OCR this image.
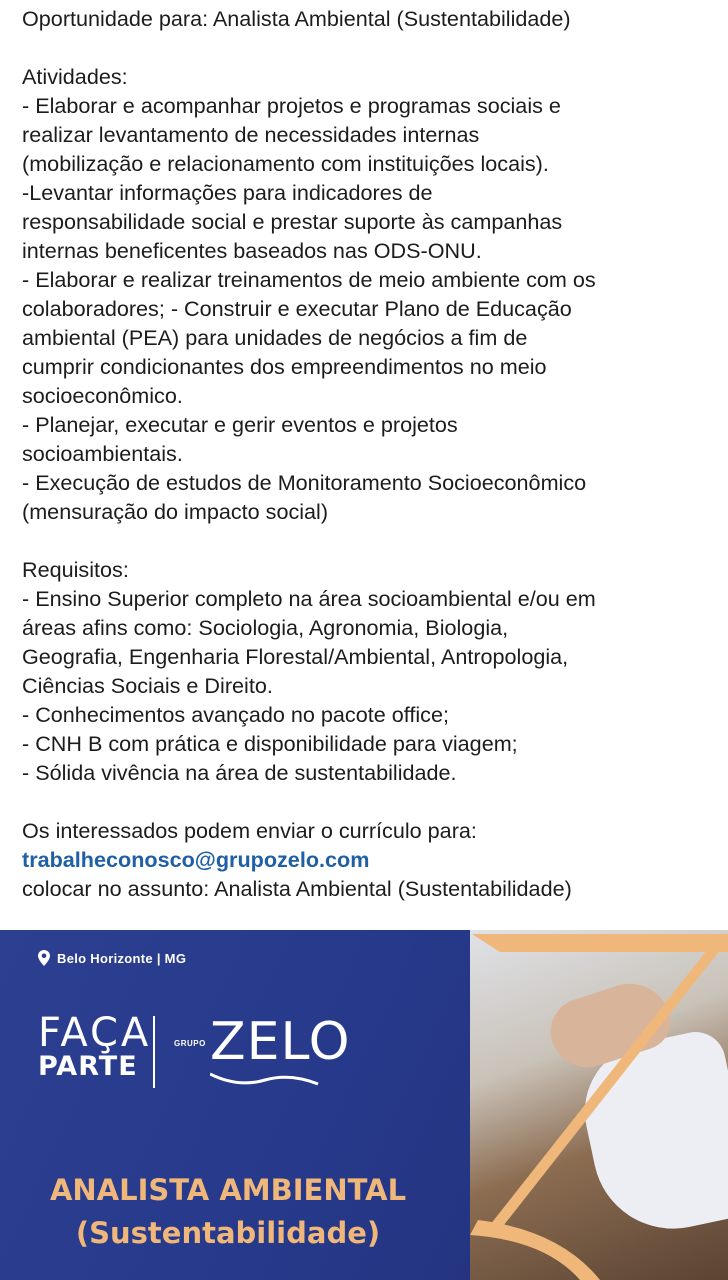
Oportunidade para: Analista Ambiental (Sustentabilidade)
Atividades:
- Elaborar e acompanhar projetos e programas sociais e
realizar levantamento de necessidades internas
(mobilização e relacionamento com instituições locais).
-Levantar informações para indicadores de
responsabilidade social e prestar suporte às campanhas
internas beneficentes baseados nas ODS-ONU.
- Elaborar e realizar treinamentos de meio ambiente com os
colaboradores; - Construir e executar Plano de Educação
ambiental (PEA) para unidades de negócios a fim de
cumprir condicionantes dos empreendimentos no meio
socioeconômico.
- Planejar, executar e gerir eventos e projetos
socioambientais.
- Execução de estudos de Monitoramento Socioeconômico
(mensuração do impacto social)
Requisitos:
- Ensino Superior completo na área socioambiental e/ou em
áreas afins como: Sociologia, Agronomia, Biologia,
Geografia, Engenharia Florestal/Ambiental, Antropologia,
Ciências Sociais e Direito.
- Conhecimentos avançado no pacote office;
- CNH B com prática e disponibilidade para viagem;
- Sólida vivência na área de sustentabilidade.
Os interessados podem enviar o currículo para:
trabalheconosco@grupozelo.com
colocar no assunto: Analista Ambiental (Sustentabilidade)
Belo Horizonte | MG
FAÇA
PARTE
GRUPO ZELO
ANALISTA AMBIENTAL
(Sustentabilidade)
